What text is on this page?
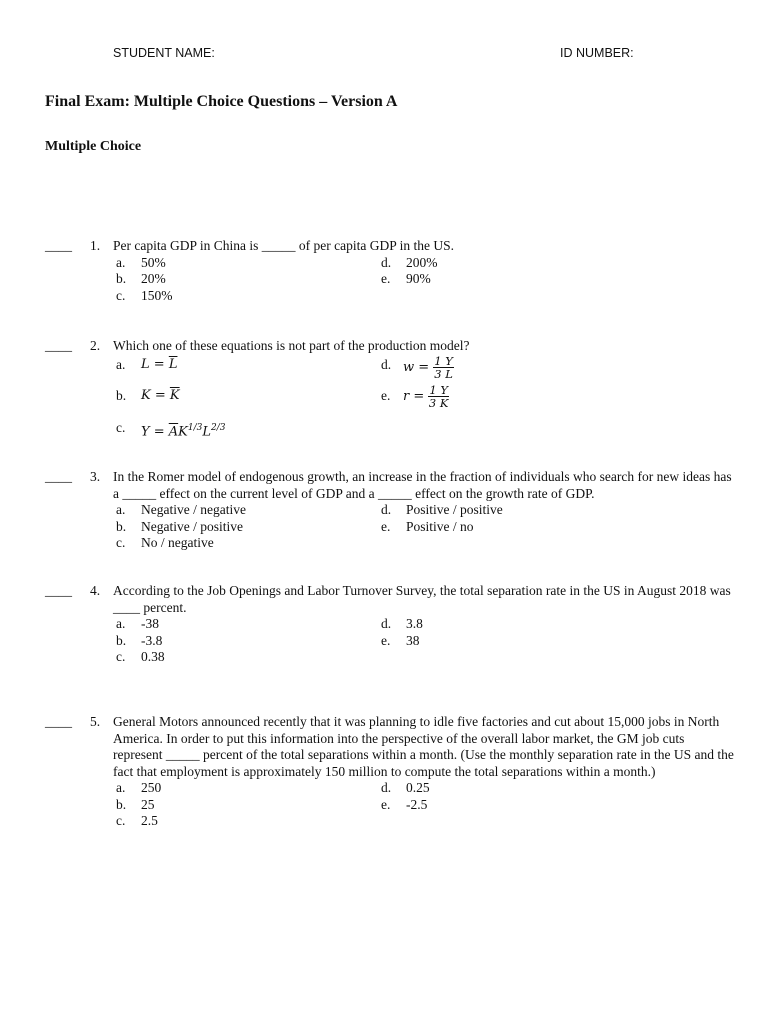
STUDENT NAME:	ID NUMBER:
Final Exam: Multiple Choice Questions – Version A
Multiple Choice
____ 1. Per capita GDP in China is _____ of per capita GDP in the US.
a. 50%
b. 20%
c. 150%
d. 200%
e. 90%
____ 2. Which one of these equations is not part of the production model?
a. $L = \overline{L}$
b. $K = \overline{K}$
c. $Y = \overline{A}K^{1/3}L^{2/3}$
d. $w = \frac{1 Y}{3 L}$
e. $r = \frac{1 Y}{3 K}$
____ 3. In the Romer model of endogenous growth, an increase in the fraction of individuals who search for new ideas has a _____ effect on the current level of GDP and a _____ effect on the growth rate of GDP.
a. Negative / negative
b. Negative / positive
c. No / negative
d. Positive / positive
e. Positive / no
____ 4. According to the Job Openings and Labor Turnover Survey, the total separation rate in the US in August 2018 was ____ percent.
a. -38
b. -3.8
c. 0.38
d. 3.8
e. 38
____ 5. General Motors announced recently that it was planning to idle five factories and cut about 15,000 jobs in North America. In order to put this information into the perspective of the overall labor market, the GM job cuts represent _____ percent of the total separations within a month. (Use the monthly separation rate in the US and the fact that employment is approximately 150 million to compute the total separations within a month.)
a. 250
b. 25
c. 2.5
d. 0.25
e. -2.5
